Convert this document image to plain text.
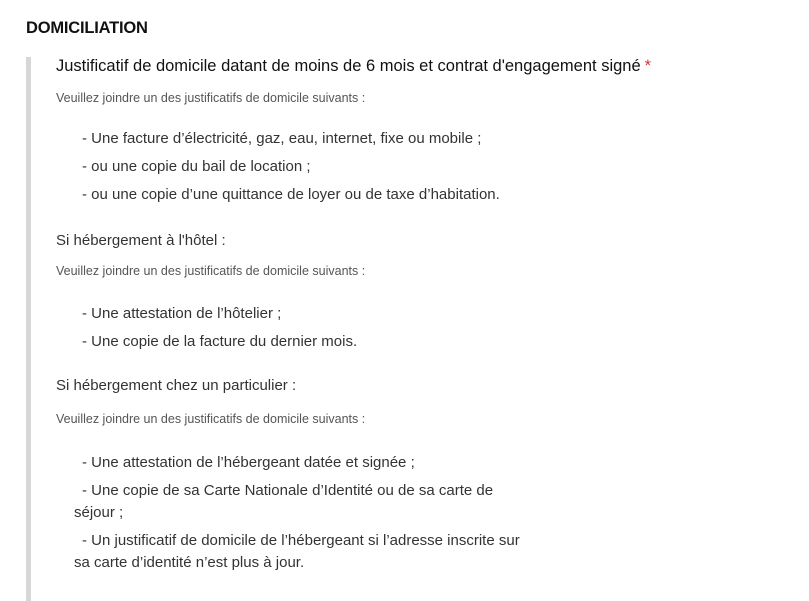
DOMICILIATION
Justificatif de domicile datant de moins de 6 mois et contrat d'engagement signé *
Veuillez joindre un des justificatifs de domicile suivants :
- Une facture d’électricité, gaz, eau, internet, fixe ou mobile ;
- ou une copie du bail de location ;
- ou une copie d’une quittance de loyer ou de taxe d’habitation.
Si hébergement à l'hôtel :
Veuillez joindre un des justificatifs de domicile suivants :
- Une attestation de l’hôtelier ;
- Une copie de la facture du dernier mois.
Si hébergement chez un particulier :
Veuillez joindre un des justificatifs de domicile suivants :
- Une attestation de l’hébergeant datée et signée ;
- Une copie de sa Carte Nationale d’Identité ou de sa carte de
séjour ;
- Un justificatif de domicile de l’hébergeant si l’adresse inscrite sur
sa carte d’identité n’est plus à jour.
